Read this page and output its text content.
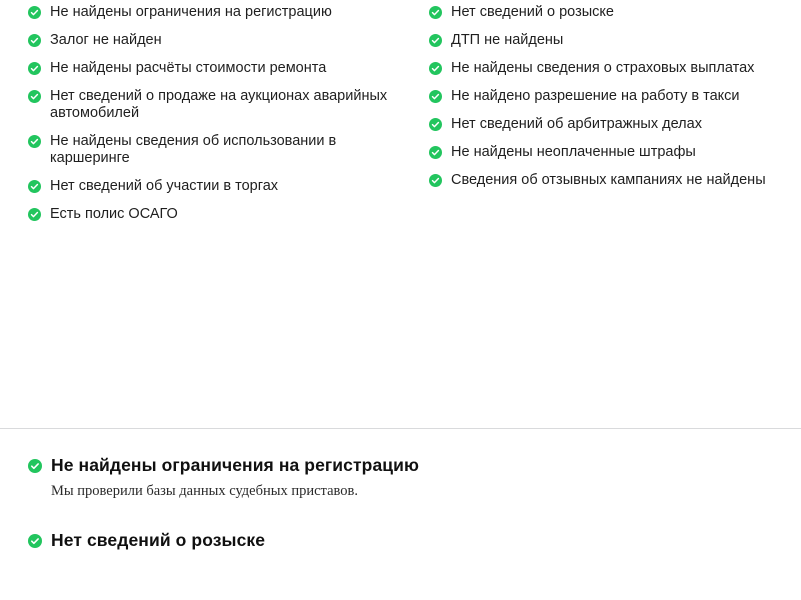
Не найдены ограничения на регистрацию
Залог не найден
Не найдены расчёты стоимости ремонта
Нет сведений о продаже на аукционах аварийных автомобилей
Не найдены сведения об использовании в каршеринге
Нет сведений об участии в торгах
Есть полис ОСАГО
Нет сведений о розыске
ДТП не найдены
Не найдены сведения о страховых выплатах
Не найдено разрешение на работу в такси
Нет сведений об арбитражных делах
Не найдены неоплаченные штрафы
Сведения об отзывных кампаниях не найдены
Не найдены ограничения на регистрацию
Мы проверили базы данных судебных приставов.
Нет сведений о розыске
